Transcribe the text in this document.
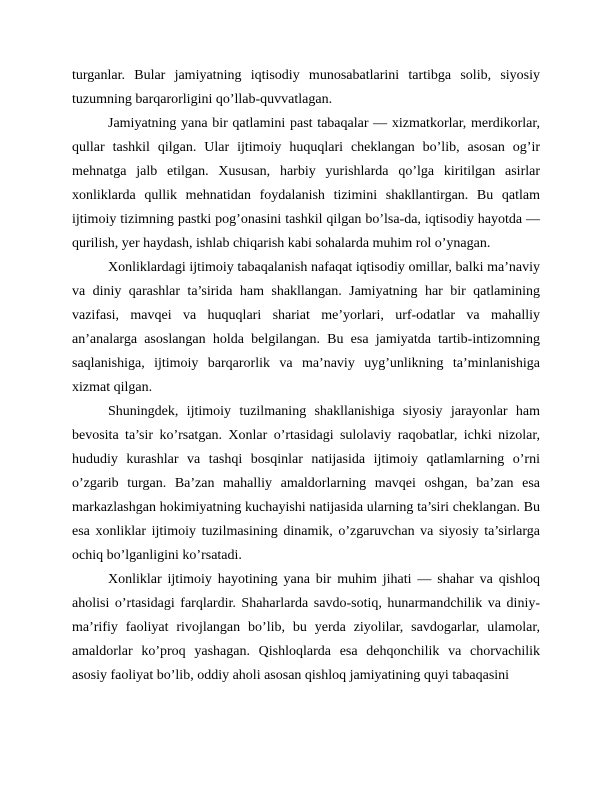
turganlar. Bular jamiyatning iqtisodiy munosabatlarini tartibga solib, siyosiy tuzumning barqarorligini qo’llab-quvvatlagan.

Jamiyatning yana bir qatlamini past tabaqalar — xizmatkorlar, merdikorlar, qullar tashkil qilgan. Ular ijtimoiy huquqlari cheklangan bo’lib, asosan og’ir mehnatga jalb etilgan. Xususan, harbiy yurishlarda qo’lga kiritilgan asirlar xonliklarda qullik mehnatidan foydalanish tizimini shakllantirgan. Bu qatlam ijtimoiy tizimning pastki pog’onasini tashkil qilgan bo’lsa-da, iqtisodiy hayotda — qurilish, yer haydash, ishlab chiqarish kabi sohalarda muhim rol o’ynagan.

Xonliklardagi ijtimoiy tabaqalanish nafaqat iqtisodiy omillar, balki ma’naviy va diniy qarashlar ta’sirida ham shakllangan. Jamiyatning har bir qatlamining vazifasi, mavqei va huquqlari shariat me’yorlari, urf-odatlar va mahalliy an’analarga asoslangan holda belgilangan. Bu esa jamiyatda tartib-intizomning saqlanishiga, ijtimoiy barqarorlik va ma’naviy uyg’unlikning ta’minlanishiga xizmat qilgan.

Shuningdek, ijtimoiy tuzilmaning shakllanishiga siyosiy jarayonlar ham bevosita ta’sir ko’rsatgan. Xonlar o’rtasidagi sulolaviy raqobatlar, ichki nizolar, hududiy kurashlar va tashqi bosqinlar natijasida ijtimoiy qatlamlarning o’rni o’zgarib turgan. Ba’zan mahalliy amaldorlarning mavqei oshgan, ba’zan esa markazlashgan hokimiyatning kuchayishi natijasida ularning ta’siri cheklangan. Bu esa xonliklar ijtimoiy tuzilmasining dinamik, o’zgaruvchan va siyosiy ta’sirlarga ochiq bo’lganligini ko’rsatadi.

Xonliklar ijtimoiy hayotining yana bir muhim jihati — shahar va qishloq aholisi o’rtasidagi farqlardir. Shaharlarda savdo-sotiq, hunarmandchilik va diniy-ma’rifiy faoliyat rivojlangan bo’lib, bu yerda ziyolilar, savdogarlar, ulamolar, amaldorlar ko’proq yashagan. Qishloqlarda esa dehqonchilik va chorvachilik asosiy faoliyat bo’lib, oddiy aholi asosan qishloq jamiyatining quyi tabaqasini
